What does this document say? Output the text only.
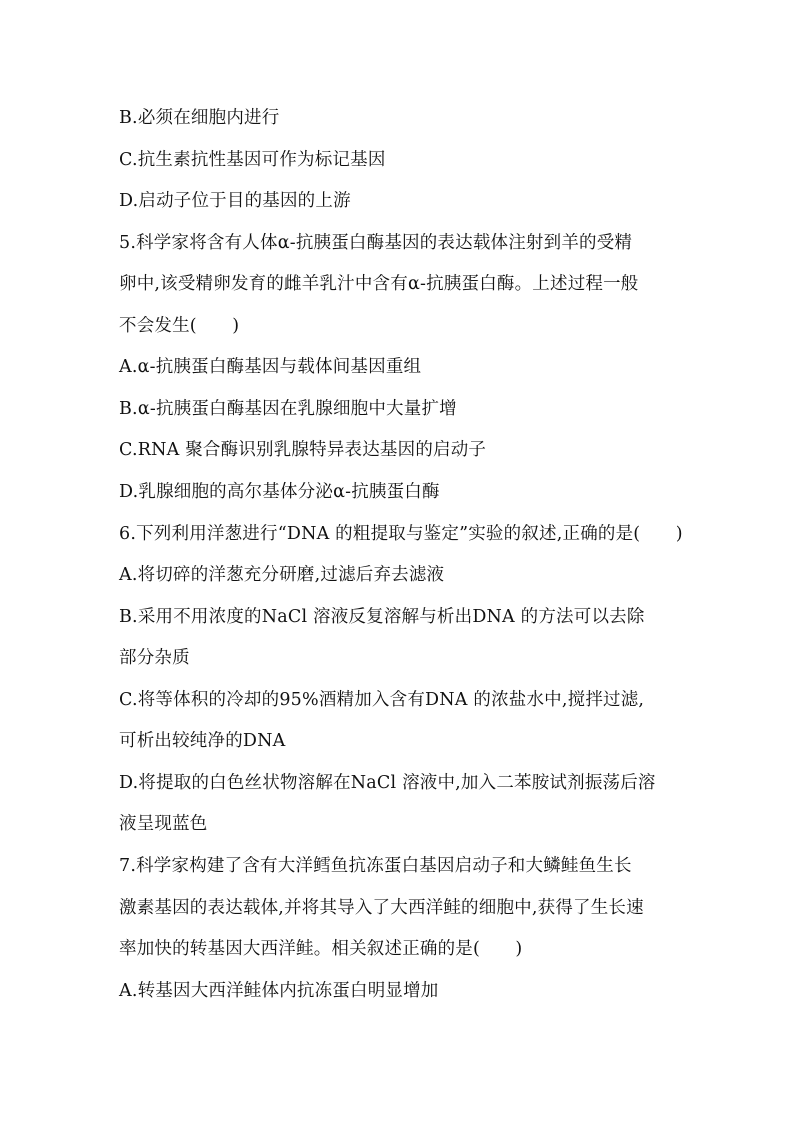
B.必须在细胞内进行
C.抗生素抗性基因可作为标记基因
D.启动子位于目的基因的上游
5.科学家将含有人体α-抗胰蛋白酶基因的表达载体注射到羊的受精
卵中,该受精卵发育的雌羊乳汁中含有α-抗胰蛋白酶。上述过程一般
不会发生(　　)
A.α-抗胰蛋白酶基因与载体间基因重组
B.α-抗胰蛋白酶基因在乳腺细胞中大量扩增
C.RNA 聚合酶识别乳腺特异表达基因的启动子
D.乳腺细胞的高尔基体分泌α-抗胰蛋白酶
6.下列利用洋葱进行“DNA 的粗提取与鉴定”实验的叙述,正确的是(　　)
A.将切碎的洋葱充分研磨,过滤后弃去滤液
B.采用不用浓度的NaCl 溶液反复溶解与析出DNA 的方法可以去除
部分杂质
C.将等体积的冷却的95%酒精加入含有DNA 的浓盐水中,搅拌过滤,
可析出较纯净的DNA
D.将提取的白色丝状物溶解在NaCl 溶液中,加入二苯胺试剂振荡后溶
液呈现蓝色
7.科学家构建了含有大洋鳕鱼抗冻蛋白基因启动子和大鳞鲑鱼生长
激素基因的表达载体,并将其导入了大西洋鲑的细胞中,获得了生长速
率加快的转基因大西洋鲑。相关叙述正确的是(　　)
A.转基因大西洋鲑体内抗冻蛋白明显增加
